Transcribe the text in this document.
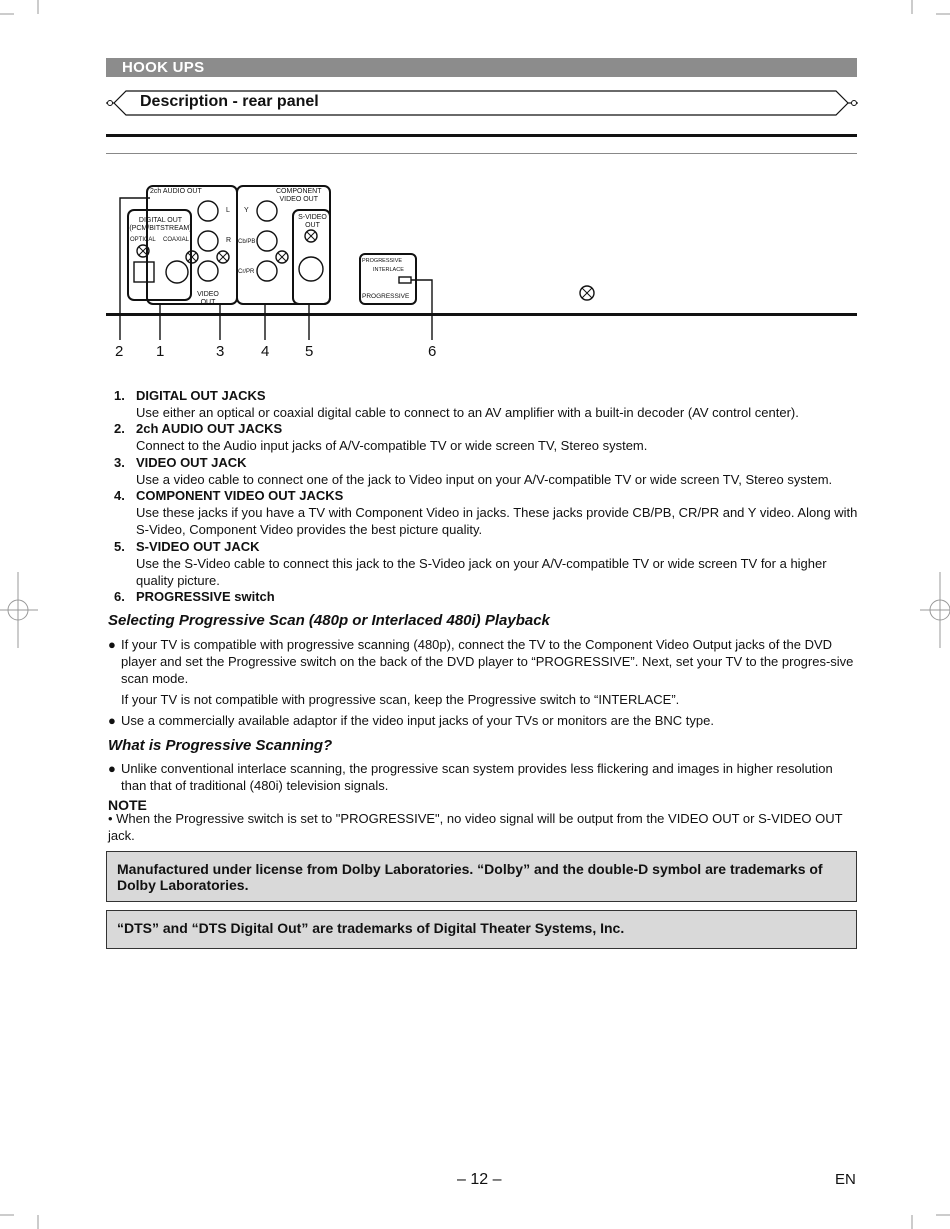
HOOK UPS
Description - rear panel
2ch AUDIO OUT	COMPONENT
VIDEO OUT
DIGITAL OUT
(PCM/BITSTREAM)
OPTICAL COAXIAL
S-VIDEO
OUT
VIDEO
OUT
L
R
Y
Cb/PB
Cr/PR
PROGRESSIVE
INTERLACE
PROGRESSIVE
2 1	3 4 5	6
1. DIGITAL OUT JACKS
Use either an optical or coaxial digital cable to connect to an AV amplifier with a built-in decoder (AV control center).
2. 2ch AUDIO OUT JACKS
Connect to the Audio input jacks of A/V-compatible TV or wide screen TV, Stereo system.
3. VIDEO OUT JACK
Use a video cable to connect one of the jack to Video input on your A/V-compatible TV or wide screen TV, Stereo system.
4. COMPONENT VIDEO OUT JACKS
Use these jacks if you have a TV with Component Video in jacks. These jacks provide CB/PB, CR/PR and Y video. Along with S-Video, Component Video provides the best picture quality.
5. S-VIDEO OUT JACK
Use the S-Video cable to connect this jack to the S-Video jack on your A/V-compatible TV or wide screen TV for a higher quality picture.
6. PROGRESSIVE switch
Selecting Progressive Scan (480p or Interlaced 480i) Playback
● If your TV is compatible with progressive scanning (480p), connect the TV to the Component Video Output jacks of the DVD player and set the Progressive switch on the back of the DVD player to “PROGRESSIVE”. Next, set your TV to the progres-sive scan mode.
If your TV is not compatible with progressive scan, keep the Progressive switch to “INTERLACE”.
● Use a commercially available adaptor if the video input jacks of your TVs or monitors are the BNC type.
What is Progressive Scanning?
● Unlike conventional interlace scanning, the progressive scan system provides less flickering and images in higher resolution than that of traditional (480i) television signals.
NOTE
• When the Progressive switch is set to "PROGRESSIVE", no video signal will be output from the VIDEO OUT or S-VIDEO OUT jack.
Manufactured under license from Dolby Laboratories. “Dolby” and the double-D symbol are trademarks of Dolby Laboratories.
“DTS” and “DTS Digital Out” are trademarks of Digital Theater Systems, Inc.
– 12 –	EN
